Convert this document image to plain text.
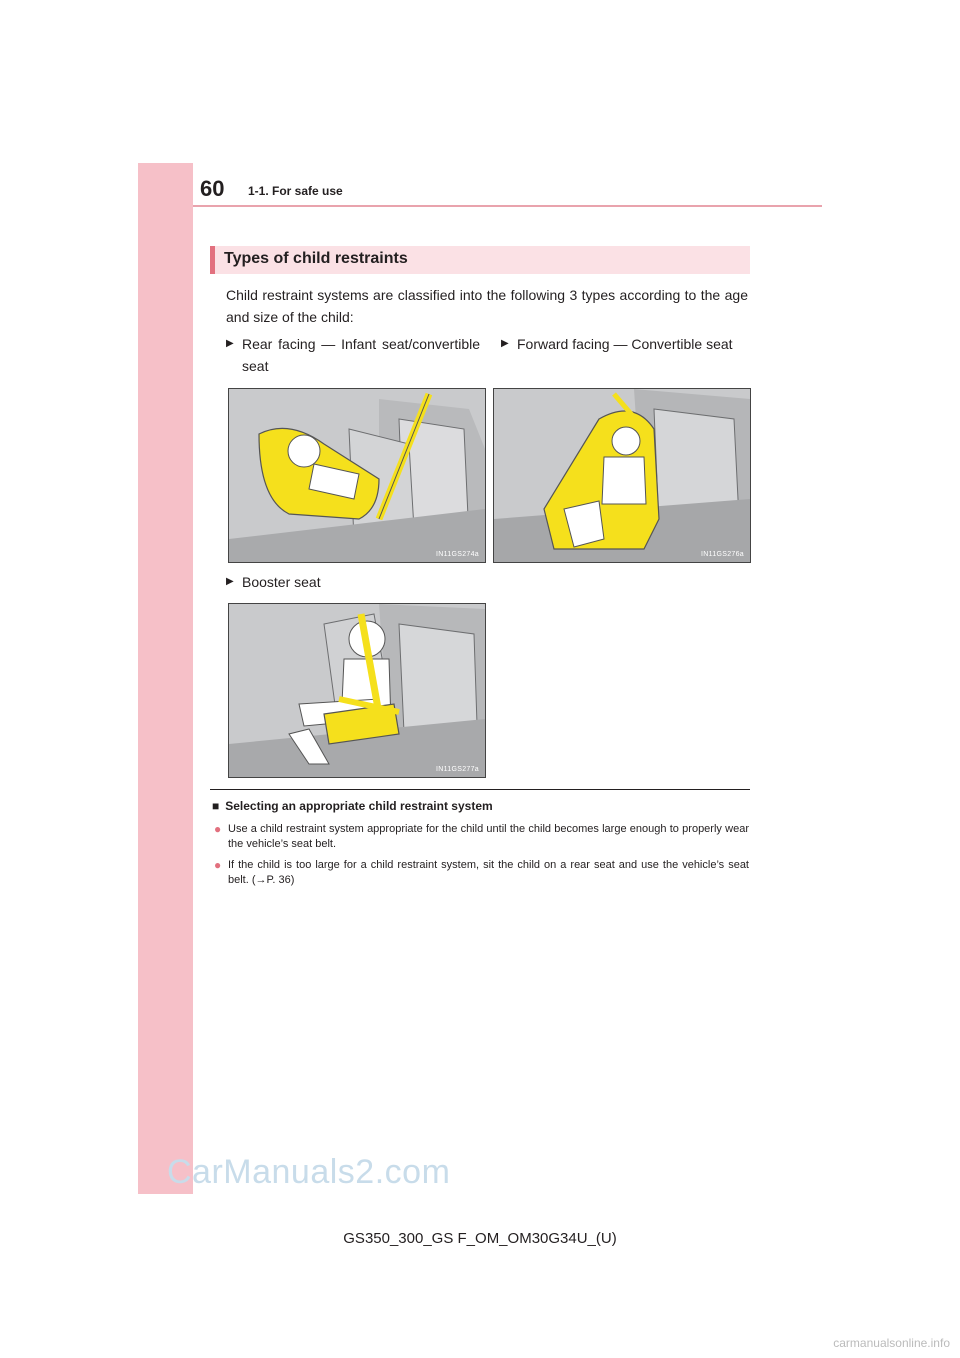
60 1-1. For safe use
Types of child restraints
Child restraint systems are classified into the following 3 types according to the age and size of the child:
▶ Rear facing — Infant seat/convertible seat
▶ Forward facing — Convertible seat
IN11GS274a	IN11GS276a
▶ Booster seat
IN11GS277a
■ Selecting an appropriate child restraint system
● Use a child restraint system appropriate for the child until the child becomes large enough to properly wear the vehicle’s seat belt.
● If the child is too large for a child restraint system, sit the child on a rear seat and use the vehicle’s seat belt. (→P. 36)
CarManuals2.com
GS350_300_GS F_OM_OM30G34U_(U)
carmanualsonline.info
